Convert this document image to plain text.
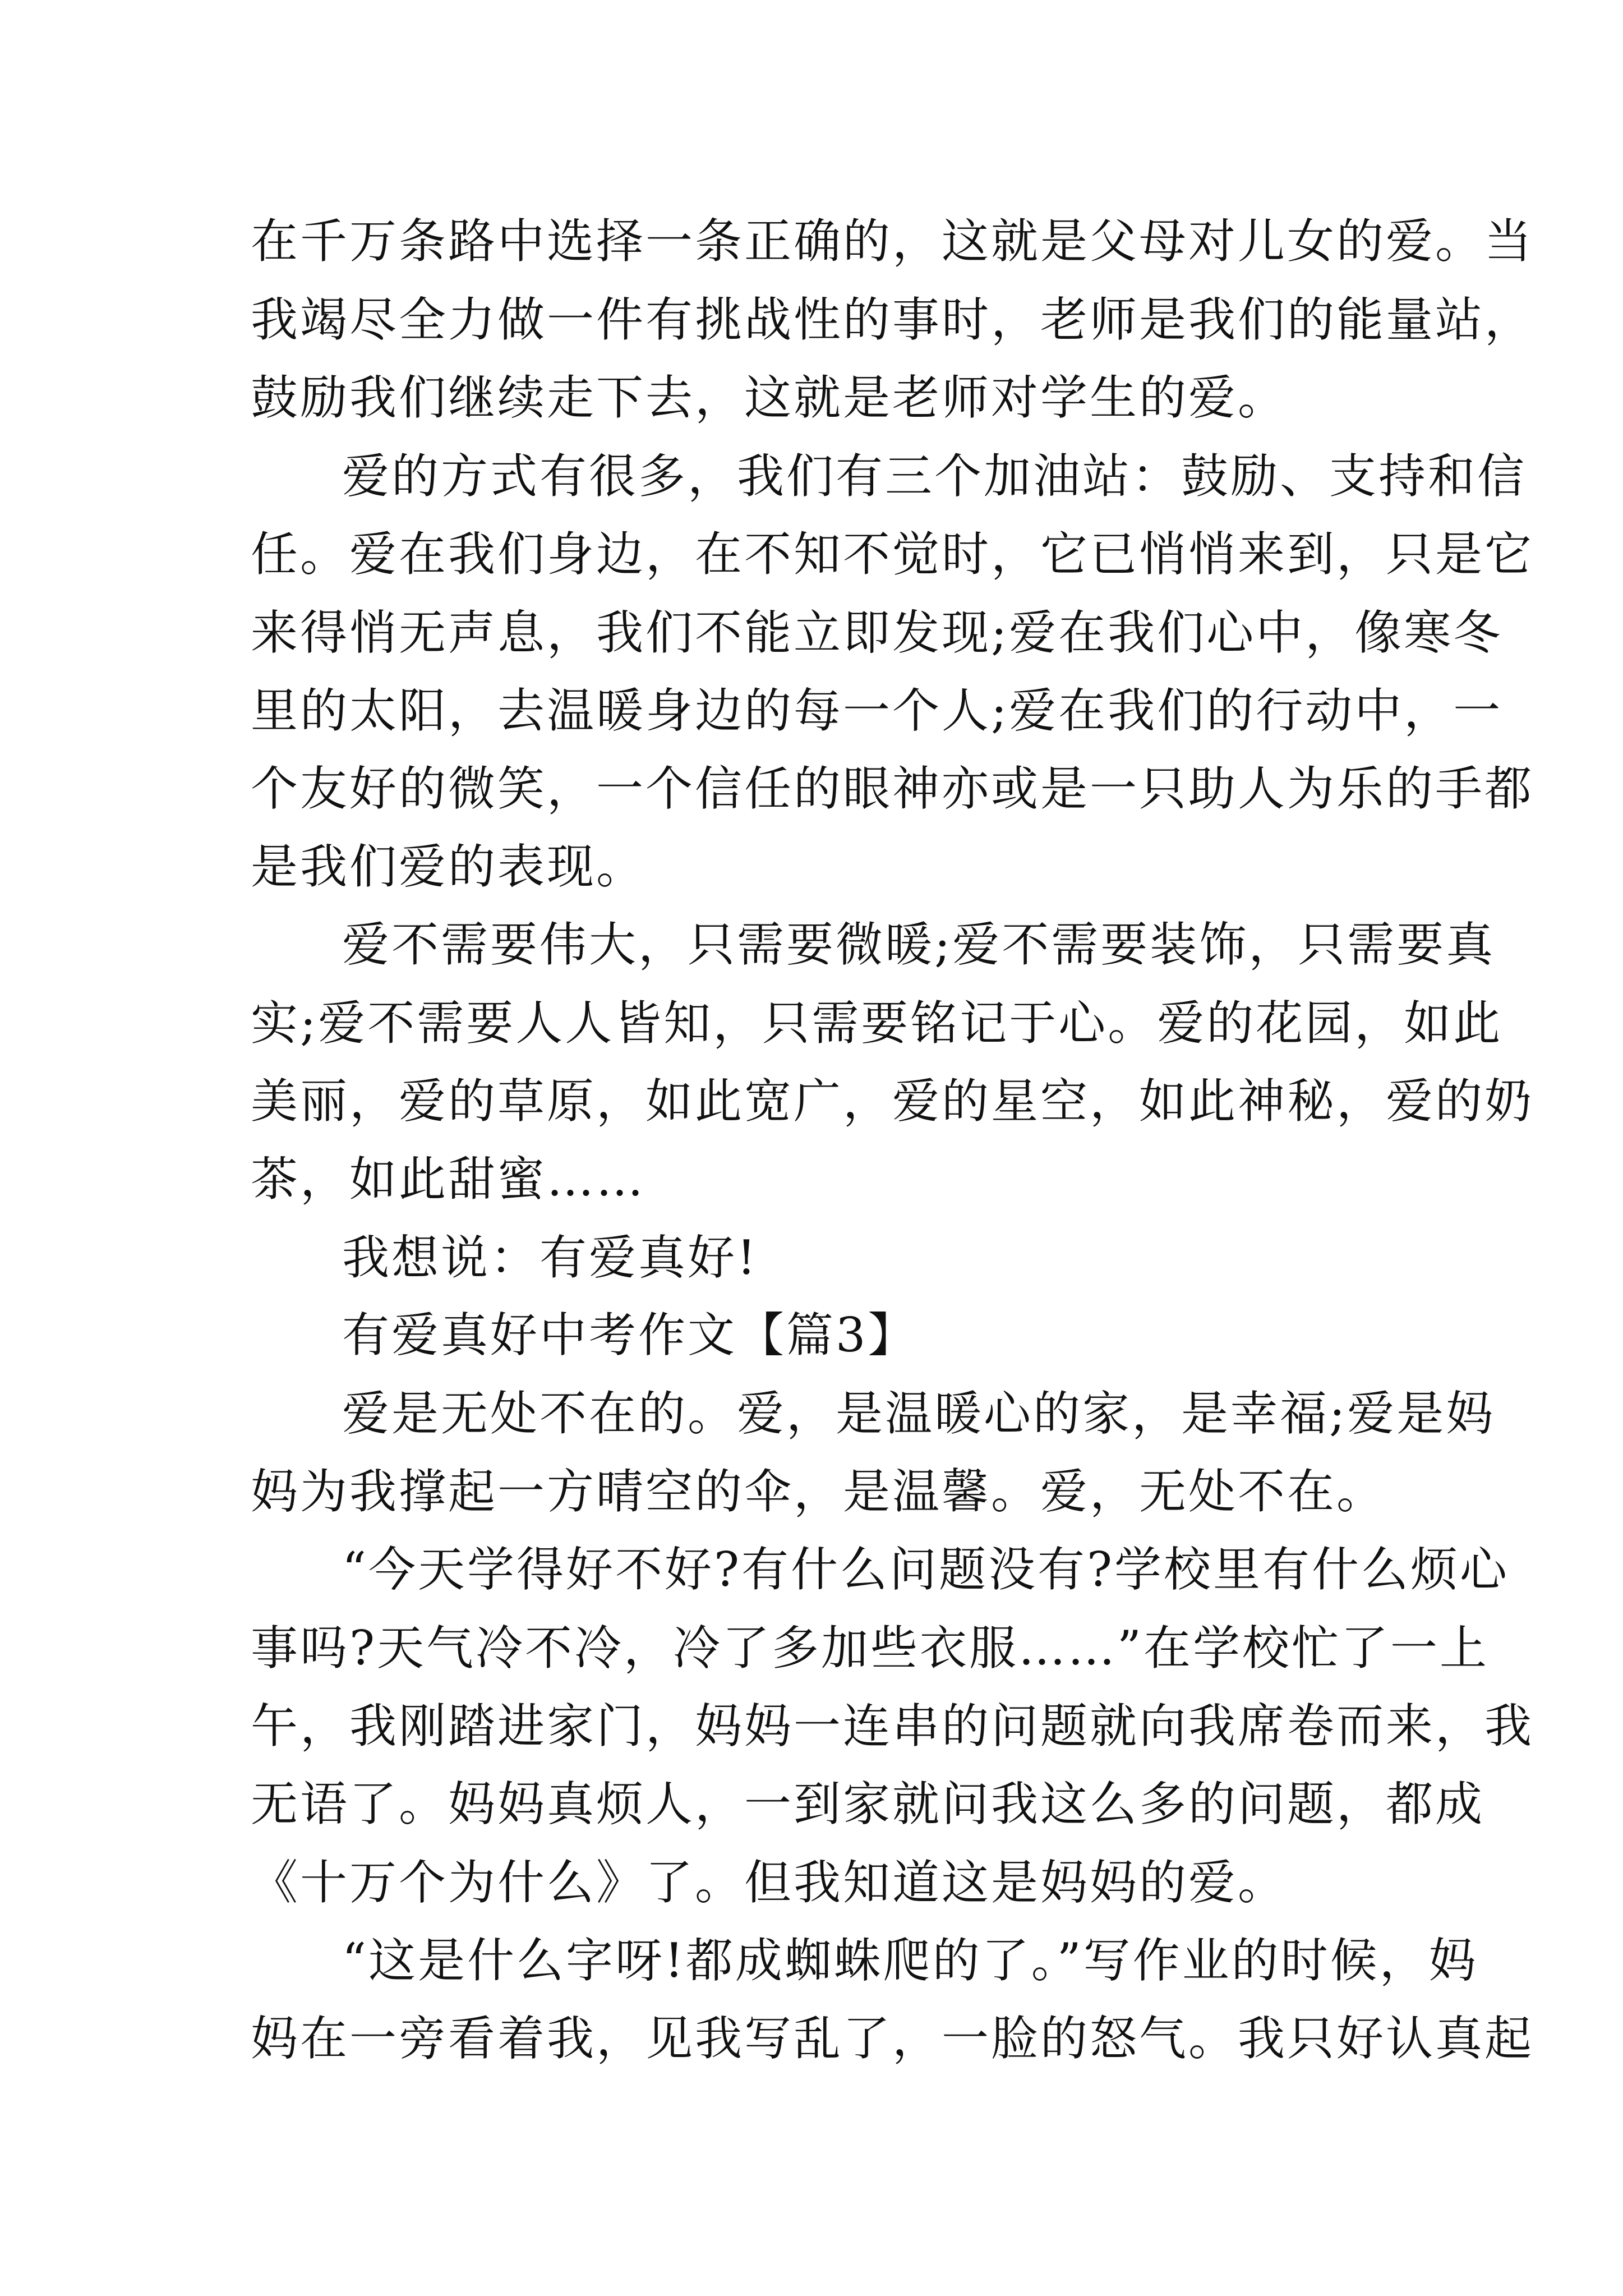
在千万条路中选择一条正确的，这就是父母对儿女的爱。当
我竭尽全力做一件有挑战性的事时，老师是我们的能量站，
鼓励我们继续走下去，这就是老师对学生的爱。
爱的方式有很多，我们有三个加油站：鼓励、支持和信
任。爱在我们身边，在不知不觉时，它已悄悄来到，只是它
来得悄无声息，我们不能立即发现;爱在我们心中，像寒冬
里的太阳，去温暖身边的每一个人;爱在我们的行动中，一
个友好的微笑，一个信任的眼神亦或是一只助人为乐的手都
是我们爱的表现。
爱不需要伟大，只需要微暖;爱不需要装饰，只需要真
实;爱不需要人人皆知，只需要铭记于心。爱的花园，如此
美丽，爱的草原，如此宽广，爱的星空，如此神秘，爱的奶
茶，如此甜蜜……
我想说：有爱真好!
有爱真好中考作文【篇3】
爱是无处不在的。爱，是温暖心的家，是幸福;爱是妈
妈为我撑起一方晴空的伞，是温馨。爱，无处不在。
“今天学得好不好?有什么问题没有?学校里有什么烦心
事吗?天气冷不冷，冷了多加些衣服……”在学校忙了一上
午，我刚踏进家门，妈妈一连串的问题就向我席卷而来，我
无语了。妈妈真烦人，一到家就问我这么多的问题，都成
《十万个为什么》了。但我知道这是妈妈的爱。
“这是什么字呀!都成蜘蛛爬的了。”写作业的时候，妈
妈在一旁看着我，见我写乱了，一脸的怒气。我只好认真起
